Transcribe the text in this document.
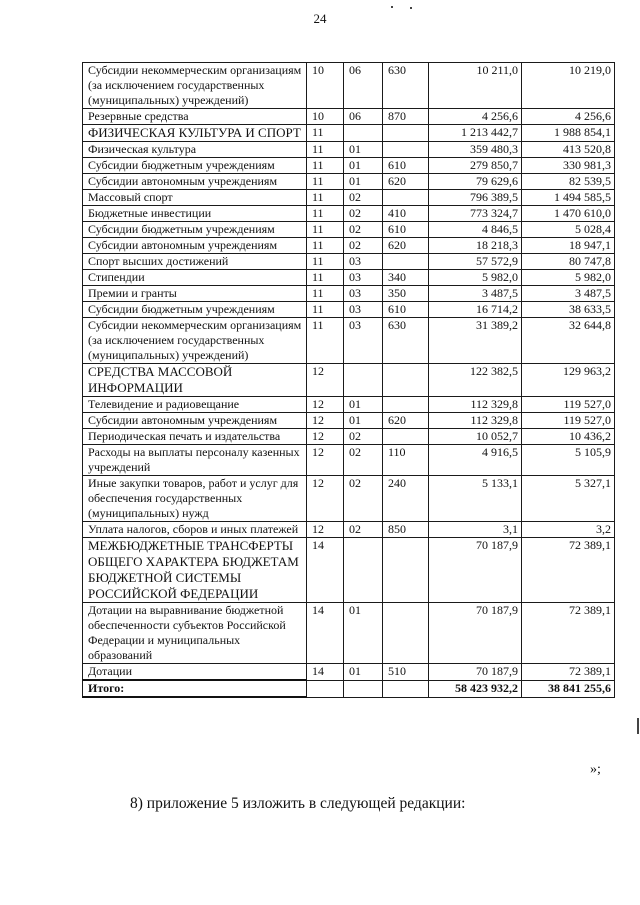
24
Субсидии некоммерческим организациям (за исключением государственных (муниципальных) учреждений)	10	06	630	10 211,0	10 219,0
Резервные средства	10	06	870	4 256,6	4 256,6
ФИЗИЧЕСКАЯ КУЛЬТУРА И СПОРТ	11			1 213 442,7	1 988 854,1
Физическая культура	11	01		359 480,3	413 520,8
Субсидии бюджетным учреждениям	11	01	610	279 850,7	330 981,3
Субсидии автономным учреждениям	11	01	620	79 629,6	82 539,5
Массовый спорт	11	02		796 389,5	1 494 585,5
Бюджетные инвестиции	11	02	410	773 324,7	1 470 610,0
Субсидии бюджетным учреждениям	11	02	610	4 846,5	5 028,4
Субсидии автономным учреждениям	11	02	620	18 218,3	18 947,1
Спорт высших достижений	11	03		57 572,9	80 747,8
Стипендии	11	03	340	5 982,0	5 982,0
Премии и гранты	11	03	350	3 487,5	3 487,5
Субсидии бюджетным учреждениям	11	03	610	16 714,2	38 633,5
Субсидии некоммерческим организациям (за исключением государственных (муниципальных) учреждений)	11	03	630	31 389,2	32 644,8
СРЕДСТВА МАССОВОЙ ИНФОРМАЦИИ	12			122 382,5	129 963,2
Телевидение и радиовещание	12	01		112 329,8	119 527,0
Субсидии автономным учреждениям	12	01	620	112 329,8	119 527,0
Периодическая печать и издательства	12	02		10 052,7	10 436,2
Расходы на выплаты персоналу казенных учреждений	12	02	110	4 916,5	5 105,9
Иные закупки товаров, работ и услуг для обеспечения государственных (муниципальных) нужд	12	02	240	5 133,1	5 327,1
Уплата налогов, сборов и иных платежей	12	02	850	3,1	3,2
МЕЖБЮДЖЕТНЫЕ ТРАНСФЕРТЫ ОБЩЕГО ХАРАКТЕРА БЮДЖЕТАМ БЮДЖЕТНОЙ СИСТЕМЫ РОССИЙСКОЙ ФЕДЕРАЦИИ	14			70 187,9	72 389,1
Дотации на выравнивание бюджетной обеспеченности субъектов Российской Федерации и муниципальных образований	14	01		70 187,9	72 389,1
Дотации	14	01	510	70 187,9	72 389,1
Итого:				58 423 932,2	38 841 255,6
»;
8) приложение 5 изложить в следующей редакции:
